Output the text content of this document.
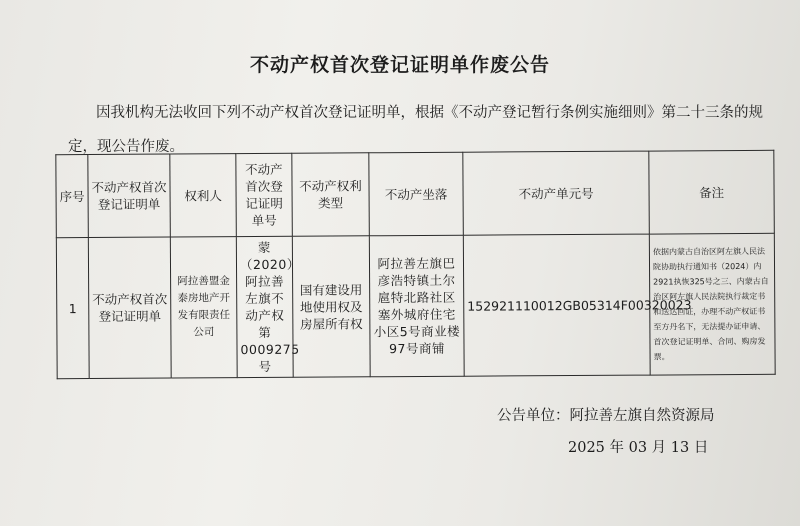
不动产权首次登记证明单作废公告
因我机构无法收回下列不动产权首次登记证明单，根据《不动产登记暂行条例实施细则》第二十三条的规定，现公告作废。
序号	不动产权首次登记证明单	权利人	不动产首次登记证明单号	不动产权利类型	不动产坐落	不动产单元号	备注
1	不动产权首次登记证明单	阿拉善盟金泰房地产开发有限责任公司	蒙（2020）阿拉善左旗不动产权第0009275号	国有建设用地使用权及房屋所有权	阿拉善左旗巴彦浩特镇土尔扈特北路社区塞外城府住宅小区5号商业楼97号商铺	152921110012GB05314F00320023	依据内蒙古自治区阿左旗人民法院协助执行通知书（2024）内2921执恢325号之三、内蒙古自治区阿左旗人民法院执行裁定书和送达回证，办理不动产权证书至方丹名下，无法提办证申请、首次登记证明单、合同、购房发票。
公告单位：阿拉善左旗自然资源局
2025 年 03 月 13 日
